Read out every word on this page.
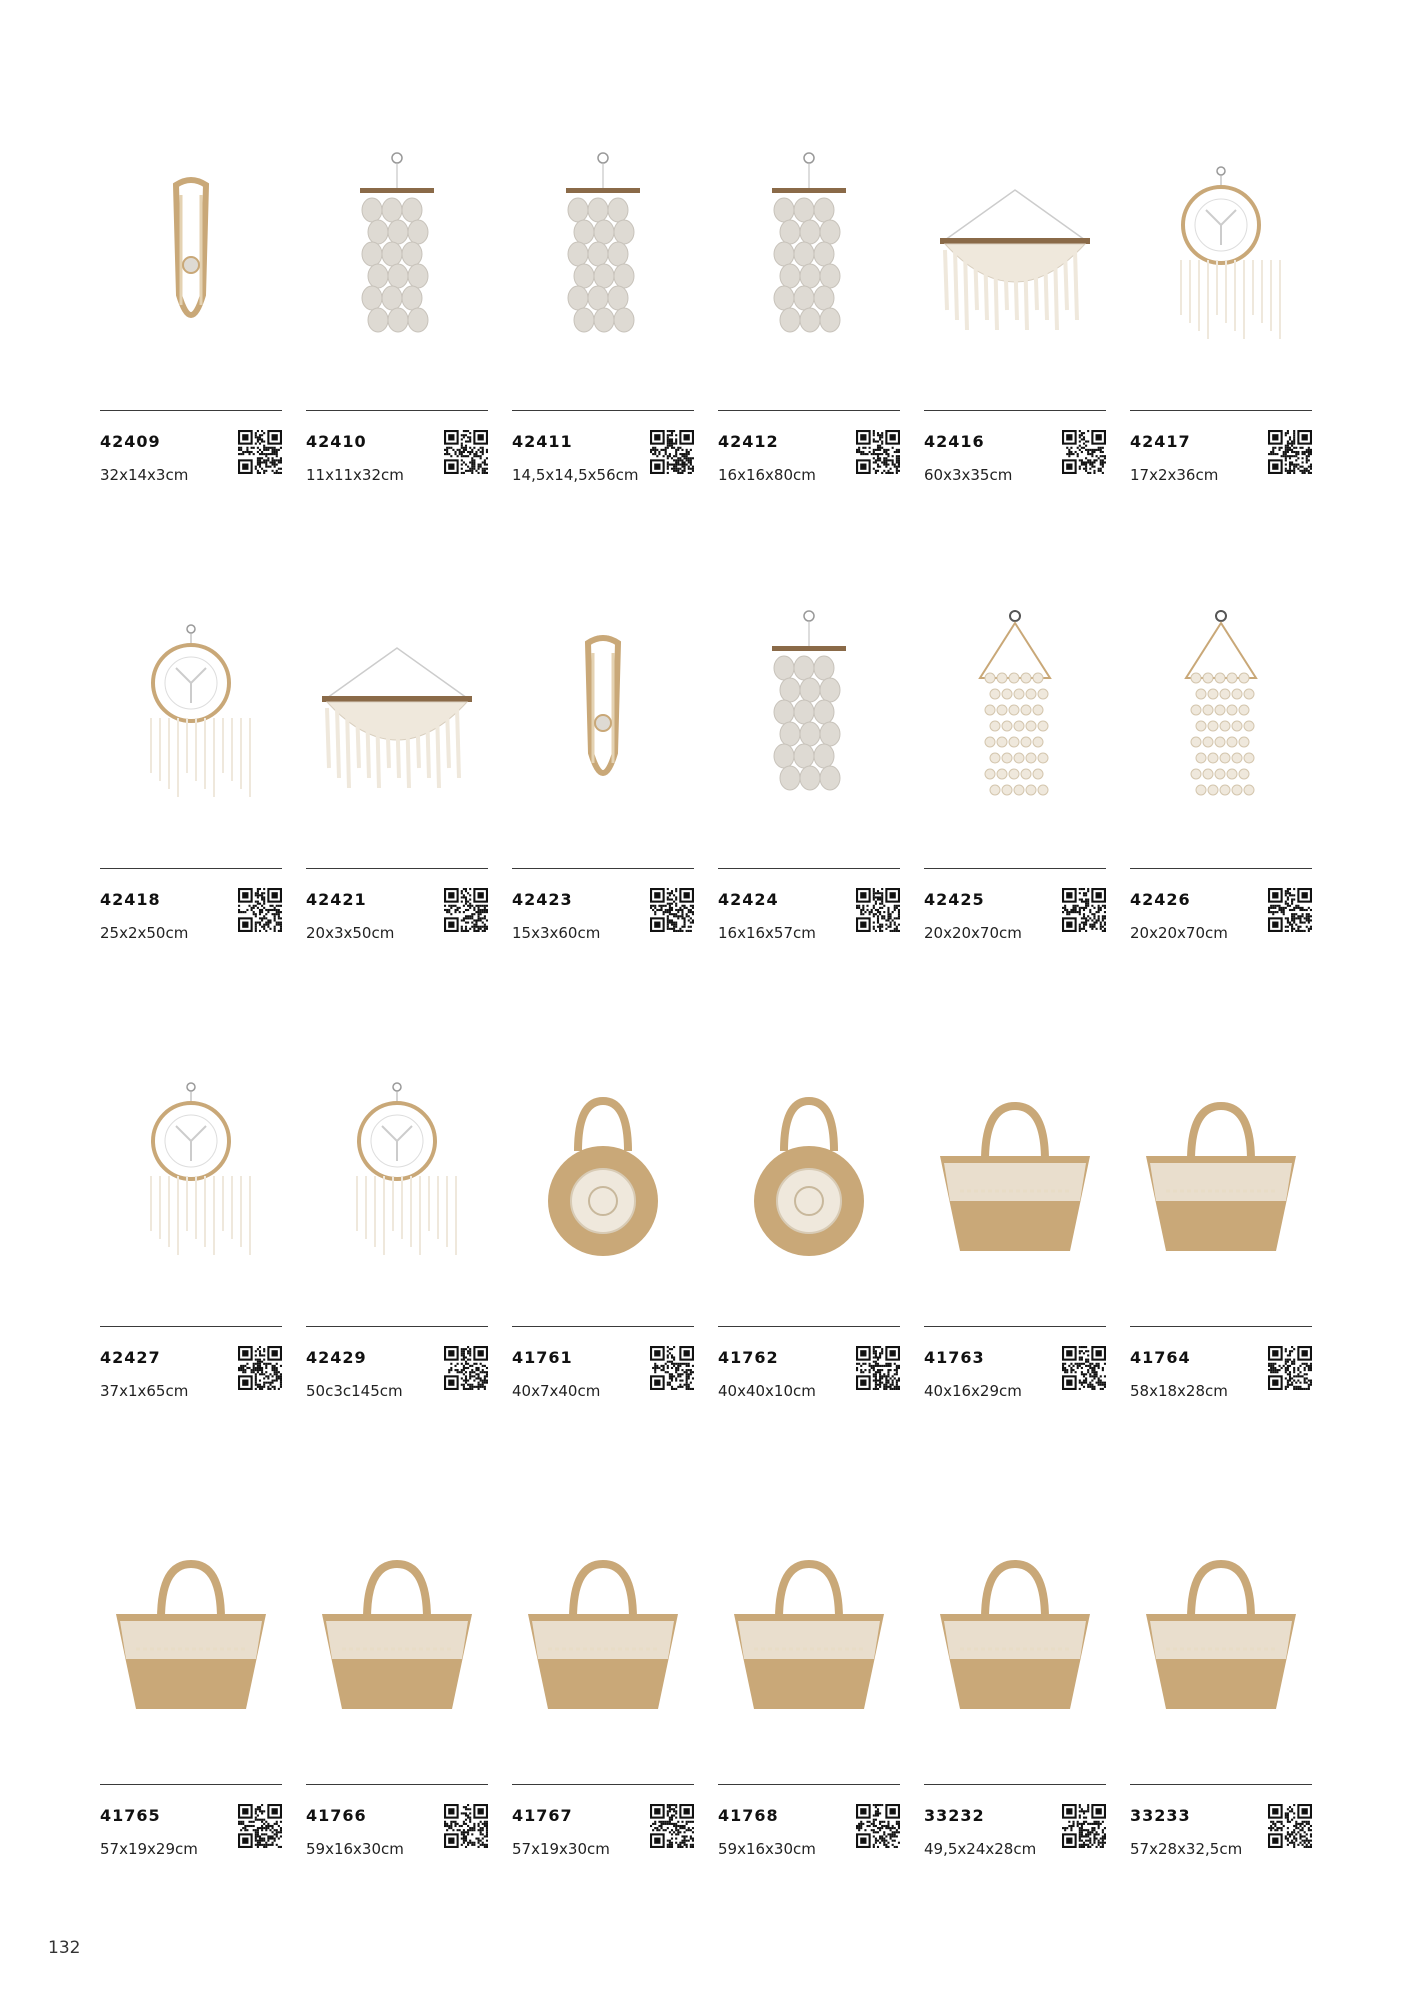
42409
32x14x3cm
42410
11x11x32cm
42411
14,5x14,5x56cm
42412
16x16x80cm
42416
60x3x35cm
42417
17x2x36cm
42418
25x2x50cm
42421
20x3x50cm
42423
15x3x60cm
42424
16x16x57cm
42425
20x20x70cm
42426
20x20x70cm
42427
37x1x65cm
42429
50c3c145cm
41761
40x7x40cm
41762
40x40x10cm
41763
40x16x29cm
41764
58x18x28cm
41765
57x19x29cm
41766
59x16x30cm
41767
57x19x30cm
41768
59x16x30cm
33232
49,5x24x28cm
33233
57x28x32,5cm
132
